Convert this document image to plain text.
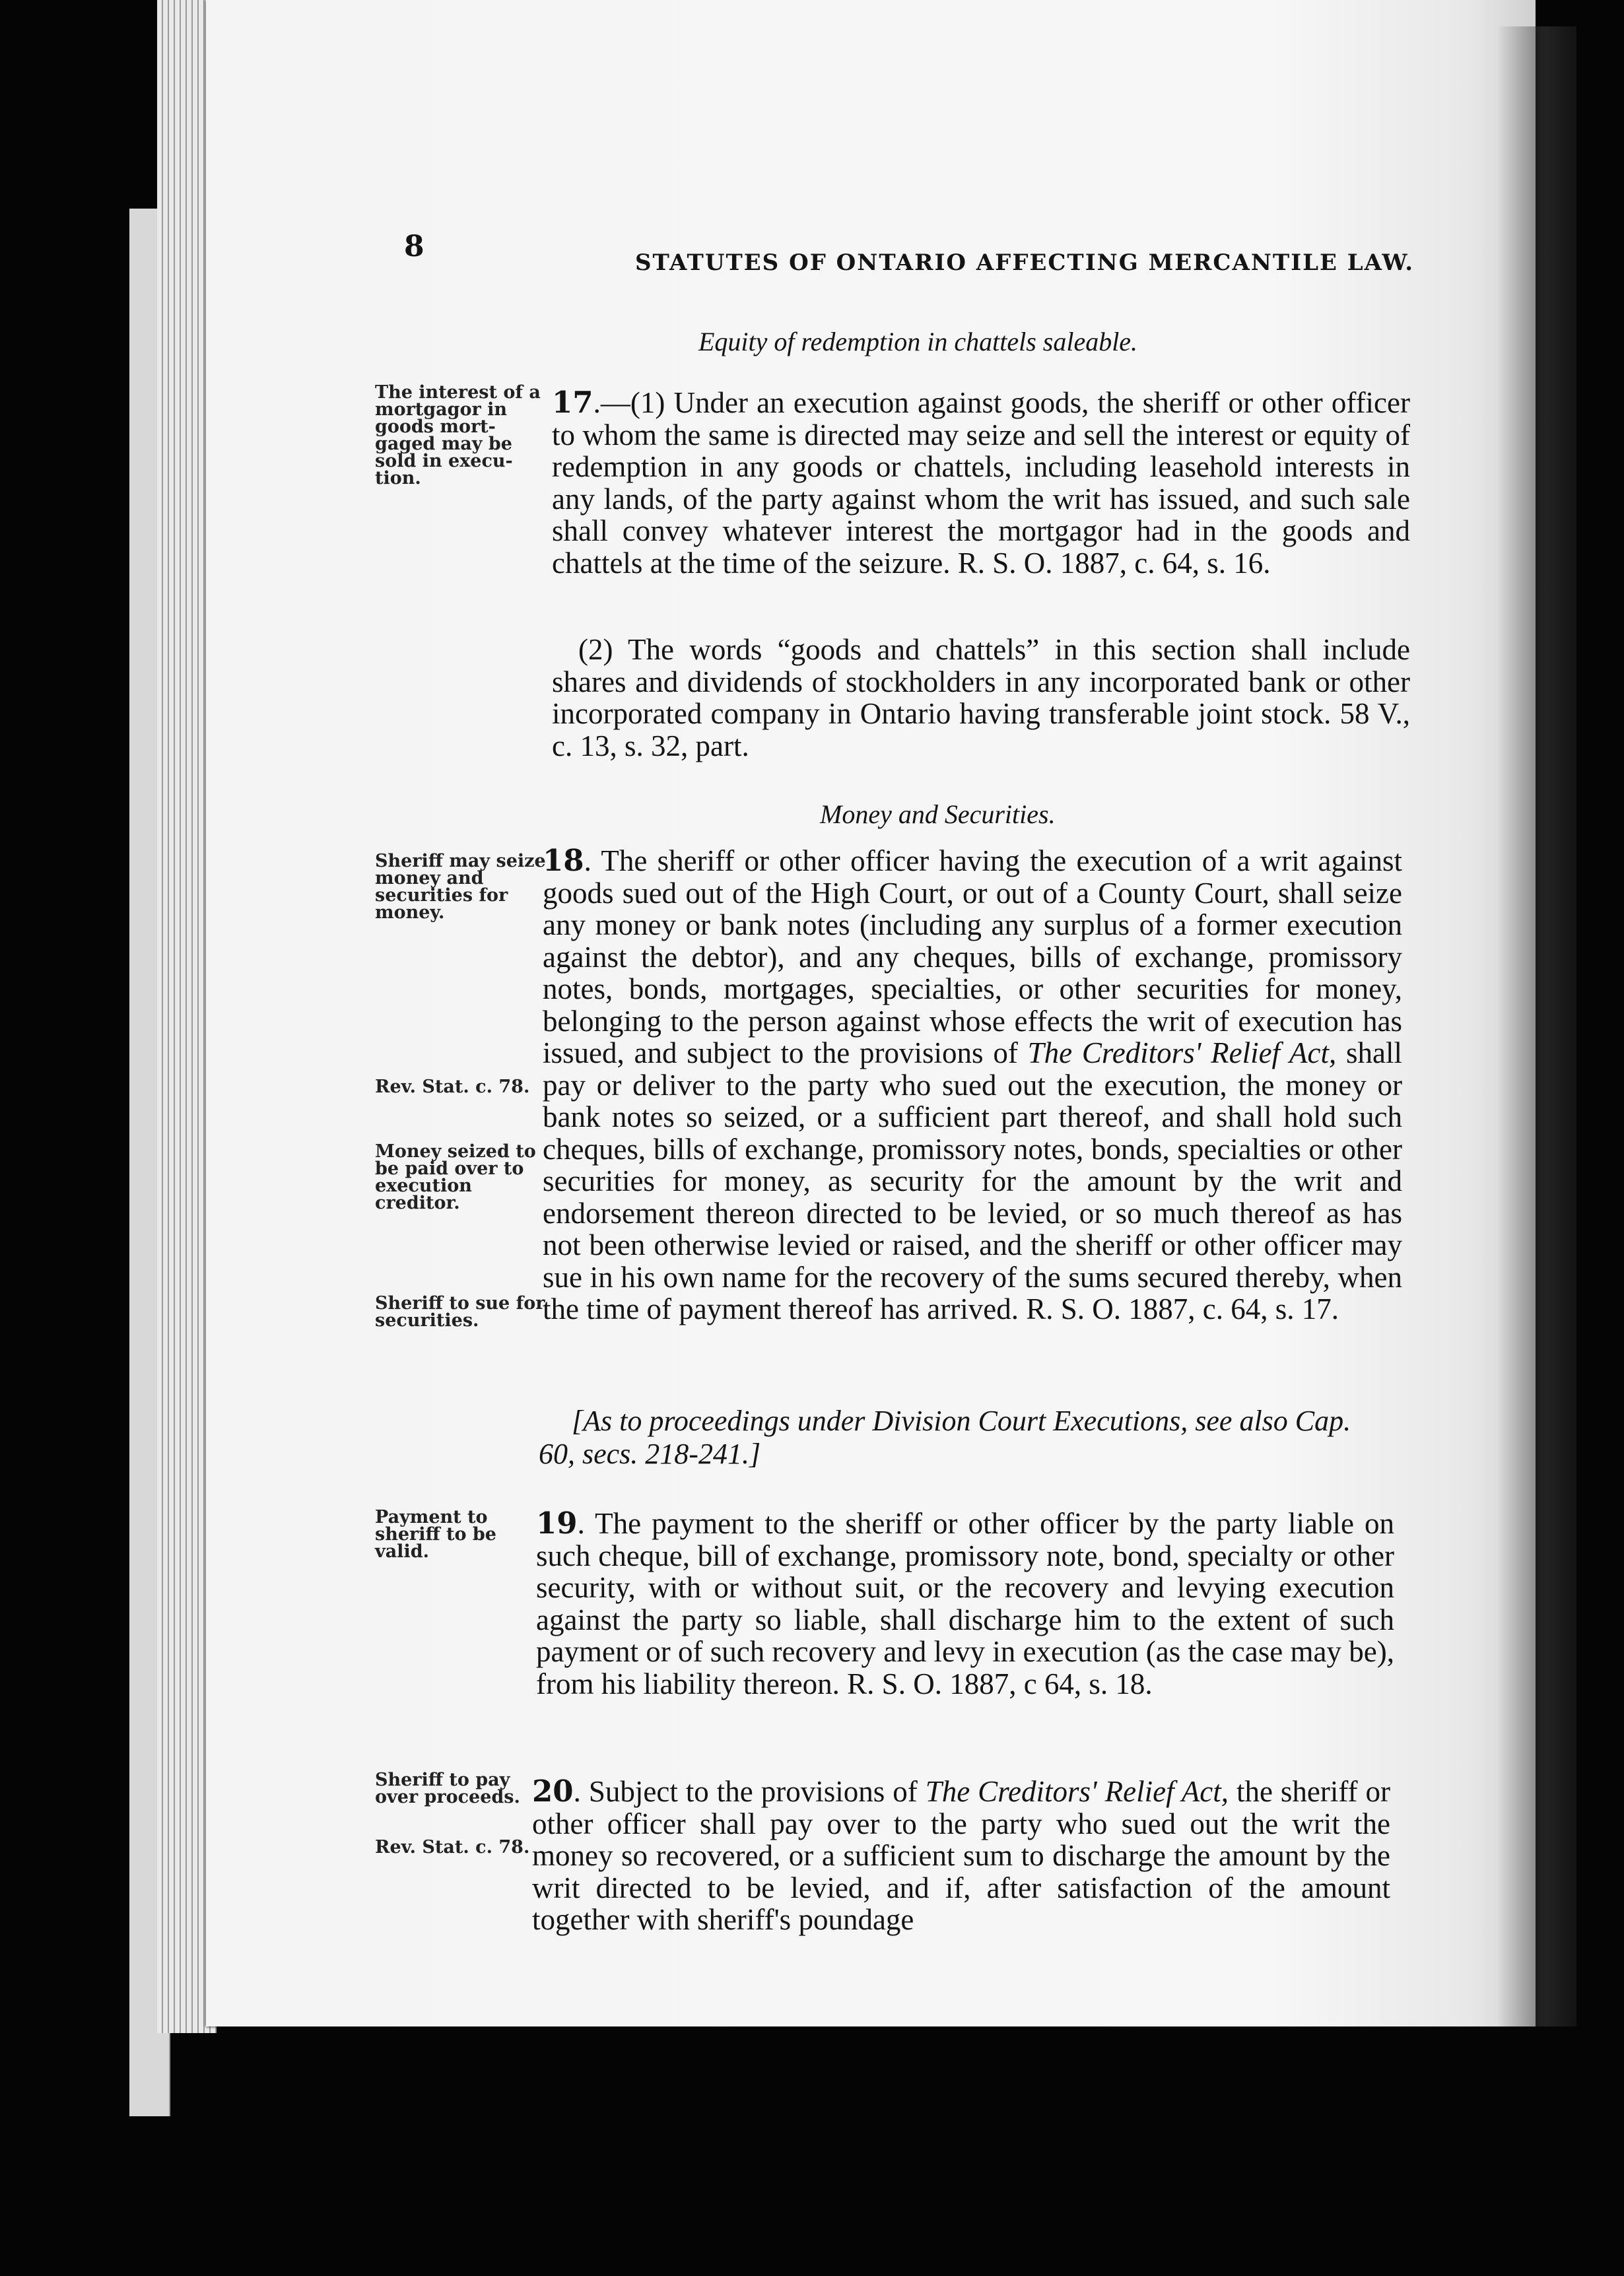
8	STATUTES OF ONTARIO AFFECTING MERCANTILE LAW.
Equity of redemption in chattels saleable.
The interest of a mortgagor in goods mort-gaged may be sold in execu-tion.
17.—(1) Under an execution against goods, the sheriff or other officer to whom the same is directed may seize and sell the interest or equity of redemption in any goods or chattels, including leasehold interests in any lands, of the party against whom the writ has issued, and such sale shall convey whatever interest the mortgagor had in the goods and chattels at the time of the seizure. R. S. O. 1887, c. 64, s. 16.
(2) The words “goods and chattels” in this section shall include shares and dividends of stockholders in any incorporated bank or other incorporated company in Ontario having transferable joint stock. 58 V., c. 13, s. 32, part.
Money and Securities.
Sheriff may seize money and securities for money.
Rev. Stat. c. 78.
Money seized to be paid over to execution creditor.
Sheriff to sue for securities.
18. The sheriff or other officer having the execution of a writ against goods sued out of the High Court, or out of a County Court, shall seize any money or bank notes (including any surplus of a former execution against the debtor), and any cheques, bills of exchange, promissory notes, bonds, mortgages, specialties, or other securities for money, belonging to the person against whose effects the writ of execution has issued, and subject to the provisions of The Creditors' Relief Act, shall pay or deliver to the party who sued out the execution, the money or bank notes so seized, or a sufficient part thereof, and shall hold such cheques, bills of exchange, promissory notes, bonds, specialties or other securities for money, as security for the amount by the writ and endorsement thereon directed to be levied, or so much thereof as has not been otherwise levied or raised, and the sheriff or other officer may sue in his own name for the recovery of the sums secured thereby, when the time of payment thereof has arrived. R. S. O. 1887, c. 64, s. 17.
[As to proceedings under Division Court Executions, see also Cap. 60, secs. 218-241.]
Payment to sheriff to be valid.
19. The payment to the sheriff or other officer by the party liable on such cheque, bill of exchange, promissory note, bond, specialty or other security, with or without suit, or the recovery and levying execution against the party so liable, shall discharge him to the extent of such payment or of such recovery and levy in execution (as the case may be), from his liability thereon. R. S. O. 1887, c 64, s. 18.
Sheriff to pay over proceeds.
Rev. Stat. c. 78.
20. Subject to the provisions of The Creditors' Relief Act, the sheriff or other officer shall pay over to the party who sued out the writ the money so recovered, or a sufficient sum to discharge the amount by the writ directed to be levied, and if, after satisfaction of the amount together with sheriff's poundage
